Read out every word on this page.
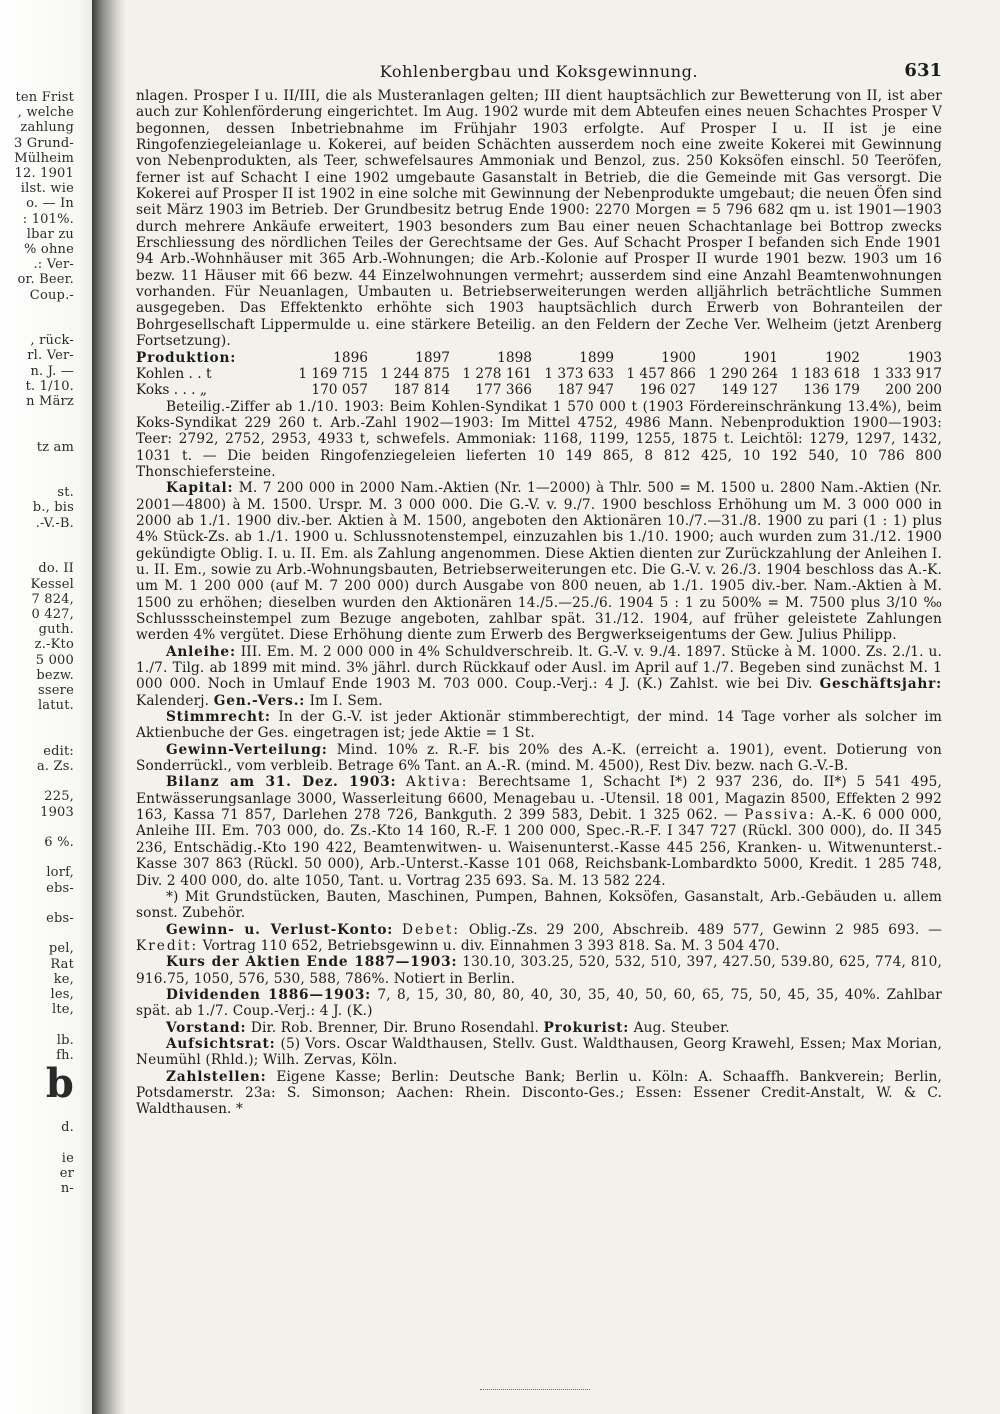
ten Frist
, welche
zahlung
3 Grund-
Mülheim
12. 1901
ilst. wie
o. — In
: 101%.
lbar zu
% ohne
.: Ver-
or. Beer.
Coup.-

, rück-
rl. Ver-
n. J. —
t. 1/10.
n März

tz am

st.
b., bis
.-V.-B.

do. II
Kessel
7 824,
0 427,
guth.
z.-Kto
5 000
bezw.
ssere
latut.

edit:
a. Zs.

225,
1903

6 %.

lorf,
ebs-

ebs-

pel,
Rat
ke,
les,
lte,

lb.
fh.
b

d.

ie
er
n-
Kohlenbergbau und Koksgewinnung.	631

nlagen. Prosper I u. II/III, die als Musteranlagen gelten; III dient hauptsächlich zur Bewetterung von II, ist aber auch zur Kohlenförderung eingerichtet. Im Aug. 1902 wurde mit dem Abteufen eines neuen Schachtes Prosper V begonnen, dessen Inbetriebnahme im Frühjahr 1903 erfolgte. Auf Prosper I u. II ist je eine Ringofenziegeleianlage u. Kokerei, auf beiden Schächten ausserdem noch eine zweite Kokerei mit Gewinnung von Nebenprodukten, als Teer, schwefelsaures Ammoniak und Benzol, zus. 250 Koksöfen einschl. 50 Teeröfen, ferner ist auf Schacht I eine 1902 umgebaute Gasanstalt in Betrieb, die die Gemeinde mit Gas versorgt. Die Kokerei auf Prosper II ist 1902 in eine solche mit Gewinnung der Nebenprodukte umgebaut; die neuen Öfen sind seit März 1903 im Betrieb. Der Grundbesitz betrug Ende 1900: 2270 Morgen = 5 796 682 qm u. ist 1901—1903 durch mehrere Ankäufe erweitert, 1903 besonders zum Bau einer neuen Schachtanlage bei Bottrop zwecks Erschliessung des nördlichen Teiles der Gerechtsame der Ges. Auf Schacht Prosper I befanden sich Ende 1901 94 Arb.-Wohnhäuser mit 365 Arb.-Wohnungen; die Arb.-Kolonie auf Prosper II wurde 1901 bezw. 1903 um 16 bezw. 11 Häuser mit 66 bezw. 44 Einzelwohnungen vermehrt; ausserdem sind eine Anzahl Beamtenwohnungen vorhanden. Für Neuanlagen, Umbauten u. Betriebserweiterungen werden alljährlich beträchtliche Summen ausgegeben. Das Effektenkto erhöhte sich 1903 hauptsächlich durch Erwerb von Bohranteilen der Bohrgesellschaft Lippermulde u. eine stärkere Beteilig. an den Feldern der Zeche Ver. Welheim (jetzt Arenberg Fortsetzung).

Produktion:	1896	1897	1898	1899	1900	1901	1902	1903
Kohlen . . t	1 169 715	1 244 875	1 278 161	1 373 633	1 457 866	1 290 264	1 183 618	1 333 917
Koks . . . „	170 057	187 814	177 366	187 947	196 027	149 127	136 179	200 200

Beteilig.-Ziffer ab 1./10. 1903: Beim Kohlen-Syndikat 1 570 000 t (1903 Fördereinschränkung 13.4%), beim Koks-Syndikat 229 260 t. Arb.-Zahl 1902—1903: Im Mittel 4752, 4986 Mann. Nebenproduktion 1900—1903: Teer: 2792, 2752, 2953, 4933 t, schwefels. Ammoniak: 1168, 1199, 1255, 1875 t. Leichtöl: 1279, 1297, 1432, 1031 t. — Die beiden Ringofenziegeleien lieferten 10 149 865, 8 812 425, 10 192 540, 10 786 800 Thonschiefersteine.

Kapital: M. 7 200 000 in 2000 Nam.-Aktien (Nr. 1—2000) à Thlr. 500 = M. 1500 u. 2800 Nam.-Aktien (Nr. 2001—4800) à M. 1500. Urspr. M. 3 000 000. Die G.-V. v. 9./7. 1900 beschloss Erhöhung um M. 3 000 000 in 2000 ab 1./1. 1900 div.-ber. Aktien à M. 1500, angeboten den Aktionären 10./7.—31./8. 1900 zu pari (1 : 1) plus 4% Stück-Zs. ab 1./1. 1900 u. Schlussnotenstempel, einzuzahlen bis 1./10. 1900; auch wurden zum 31./12. 1900 gekündigte Oblig. I. u. II. Em. als Zahlung angenommen. Diese Aktien dienten zur Zurückzahlung der Anleihen I. u. II. Em., sowie zu Arb.-Wohnungsbauten, Betriebserweiterungen etc. Die G.-V. v. 26./3. 1904 beschloss das A.-K. um M. 1 200 000 (auf M. 7 200 000) durch Ausgabe von 800 neuen, ab 1./1. 1905 div.-ber. Nam.-Aktien à M. 1500 zu erhöhen; dieselben wurden den Aktionären 14./5.—25./6. 1904 5 : 1 zu 500% = M. 7500 plus 3/10 ‰ Schlussscheinstempel zum Bezuge angeboten, zahlbar spät. 31./12. 1904, auf früher geleistete Zahlungen werden 4% vergütet. Diese Erhöhung diente zum Erwerb des Bergwerkseigentums der Gew. Julius Philipp.

Anleihe: III. Em. M. 2 000 000 in 4% Schuldverschreib. lt. G.-V. v. 9./4. 1897. Stücke à M. 1000. Zs. 2./1. u. 1./7. Tilg. ab 1899 mit mind. 3% jährl. durch Rückkauf oder Ausl. im April auf 1./7. Begeben sind zunächst M. 1 000 000. Noch in Umlauf Ende 1903 M. 703 000. Coup.-Verj.: 4 J. (K.) Zahlst. wie bei Div. Geschäftsjahr: Kalenderj. Gen.-Vers.: Im I. Sem.

Stimmrecht: In der G.-V. ist jeder Aktionär stimmberechtigt, der mind. 14 Tage vorher als solcher im Aktienbuche der Ges. eingetragen ist; jede Aktie = 1 St.

Gewinn-Verteilung: Mind. 10% z. R.-F. bis 20% des A.-K. (erreicht a. 1901), event. Dotierung von Sonderrückl., vom verbleib. Betrage 6% Tant. an A.-R. (mind. M. 4500), Rest Div. bezw. nach G.-V.-B.

Bilanz am 31. Dez. 1903: Aktiva: Berechtsame 1, Schacht I*) 2 937 236, do. II*) 5 541 495, Entwässerungsanlage 3000, Wasserleitung 6600, Menagebau u. -Utensil. 18 001, Magazin 8500, Effekten 2 992 163, Kassa 71 857, Darlehen 278 726, Bankguth. 2 399 583, Debit. 1 325 062. — Passiva: A.-K. 6 000 000, Anleihe III. Em. 703 000, do. Zs.-Kto 14 160, R.-F. 1 200 000, Spec.-R.-F. I 347 727 (Rückl. 300 000), do. II 345 236, Entschädig.-Kto 190 422, Beamtenwitwen- u. Waisenunterst.-Kasse 445 256, Kranken- u. Witwenunterst.-Kasse 307 863 (Rückl. 50 000), Arb.-Unterst.-Kasse 101 068, Reichsbank-Lombardkto 5000, Kredit. 1 285 748, Div. 2 400 000, do. alte 1050, Tant. u. Vortrag 235 693. Sa. M. 13 582 224.

*) Mit Grundstücken, Bauten, Maschinen, Pumpen, Bahnen, Koksöfen, Gasanstalt, Arb.-Gebäuden u. allem sonst. Zubehör.

Gewinn- u. Verlust-Konto: Debet: Oblig.-Zs. 29 200, Abschreib. 489 577, Gewinn 2 985 693. — Kredit: Vortrag 110 652, Betriebsgewinn u. div. Einnahmen 3 393 818. Sa. M. 3 504 470.

Kurs der Aktien Ende 1887—1903: 130.10, 303.25, 520, 532, 510, 397, 427.50, 539.80, 625, 774, 810, 916.75, 1050, 576, 530, 588, 786%. Notiert in Berlin.

Dividenden 1886—1903: 7, 8, 15, 30, 80, 80, 40, 30, 35, 40, 50, 60, 65, 75, 50, 45, 35, 40%. Zahlbar spät. ab 1./7. Coup.-Verj.: 4 J. (K.)

Vorstand: Dir. Rob. Brenner, Dir. Bruno Rosendahl. Prokurist: Aug. Steuber.

Aufsichtsrat: (5) Vors. Oscar Waldthausen, Stellv. Gust. Waldthausen, Georg Krawehl, Essen; Max Morian, Neumühl (Rhld.); Wilh. Zervas, Köln.

Zahlstellen: Eigene Kasse; Berlin: Deutsche Bank; Berlin u. Köln: A. Schaaffh. Bankverein; Berlin, Potsdamerstr. 23a: S. Simonson; Aachen: Rhein. Disconto-Ges.; Essen: Essener Credit-Anstalt, W. & C. Waldthausen. *
